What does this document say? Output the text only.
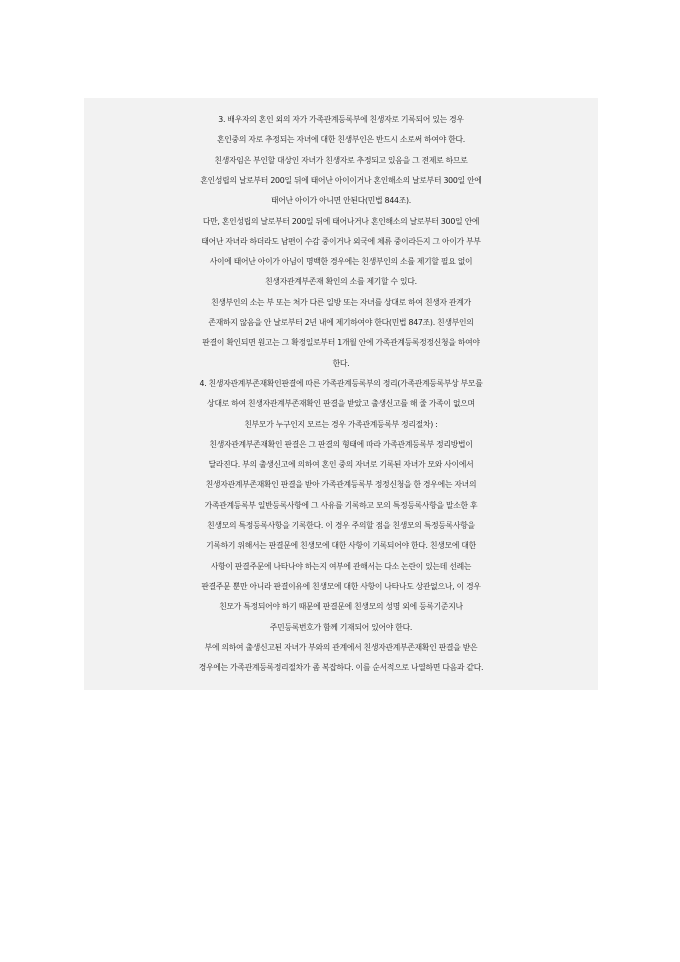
3. 배우자의 혼인 외의 자가 가족관계등록부에 친생자로 기록되어 있는 경우
혼인중의 자로 추정되는 자녀에 대한 친생부인은 반드시 소로써 하여야 한다.
친생자임은 부인할 대상인 자녀가 친생자로 추정되고 있음을 그 전제로 하므로
혼인성립의 날로부터 200일 뒤에 태어난 아이이거나 혼인해소의 날로부터 300일 안에
태어난 아이가 아니면 안된다(민법 844조).
다만, 혼인성립의 날로부터 200일 뒤에 태어나거나 혼인해소의 날로부터 300일 안에
태어난 자녀라 하더라도 남편이 수감 중이거나 외국에 체류 중이라든지 그 아이가 부부
사이에 태어난 아이가 아님이 명백한 경우에는 친생부인의 소를 제기할 필요 없이
친생자관계부존재 확인의 소를 제기할 수 있다.
친생부인의 소는 부 또는 처가 다른 일방 또는 자녀를 상대로 하여 친생자 관계가
존재하지 않음을 안 날로부터 2년 내에 제기하여야 한다(민법 847조). 친생부인의
판결이 확인되면 원고는 그 확정일로부터 1개월 안에 가족관계등록정정신청을 하여야
한다.
4. 친생자관계부존재확인판결에 따른 가족관계등록부의 정리(가족관계등록부상 부모를
상대로 하여 친생자관계부존재확인 판결을 받았고 출생신고를 해 줄 가족이 없으며
친부모가 누구인지 모르는 경우 가족관계등록부 정리절차) :
친생자관계부존재확인 판결은 그 판결의 형태에 따라 가족관계등록부 정리방법이
달라진다. 부의 출생신고에 의하여 혼인 중의 자녀로 기록된 자녀가 모와 사이에서
친생자관계부존재확인 판결을 받아 가족관계등록부 정정신청을 한 경우에는 자녀의
가족관계등록부 일반등록사항에 그 사유를 기록하고 모의 특정등록사항을 말소한 후
친생모의 특정등록사항을 기록한다. 이 경우 주의할 점을 친생모의 특정등록사항을
기록하기 위해서는 판결문에 친생모에 대한 사항이 기록되어야 한다. 친생모에 대한
사항이 판결주문에 나타나야 하는지 여부에 관해서는 다소 논란이 있는데 선례는
판결주문 뿐만 아니라 판결이유에 친생모에 대한 사항이 나타나도 상관없으나, 이 경우
친모가 특정되어야 하기 때문에 판결문에 친생모의 성명 외에 등록기준지나
주민등록번호가 함께 기재되어 있어야 한다.
부에 의하여 출생신고된 자녀가 부와의 관계에서 친생자관계부존재확인 판결을 받은
경우에는 가족관계등록정리절차가 좀 복잡하다. 이를 순서적으로 나열하면 다음과 같다.
